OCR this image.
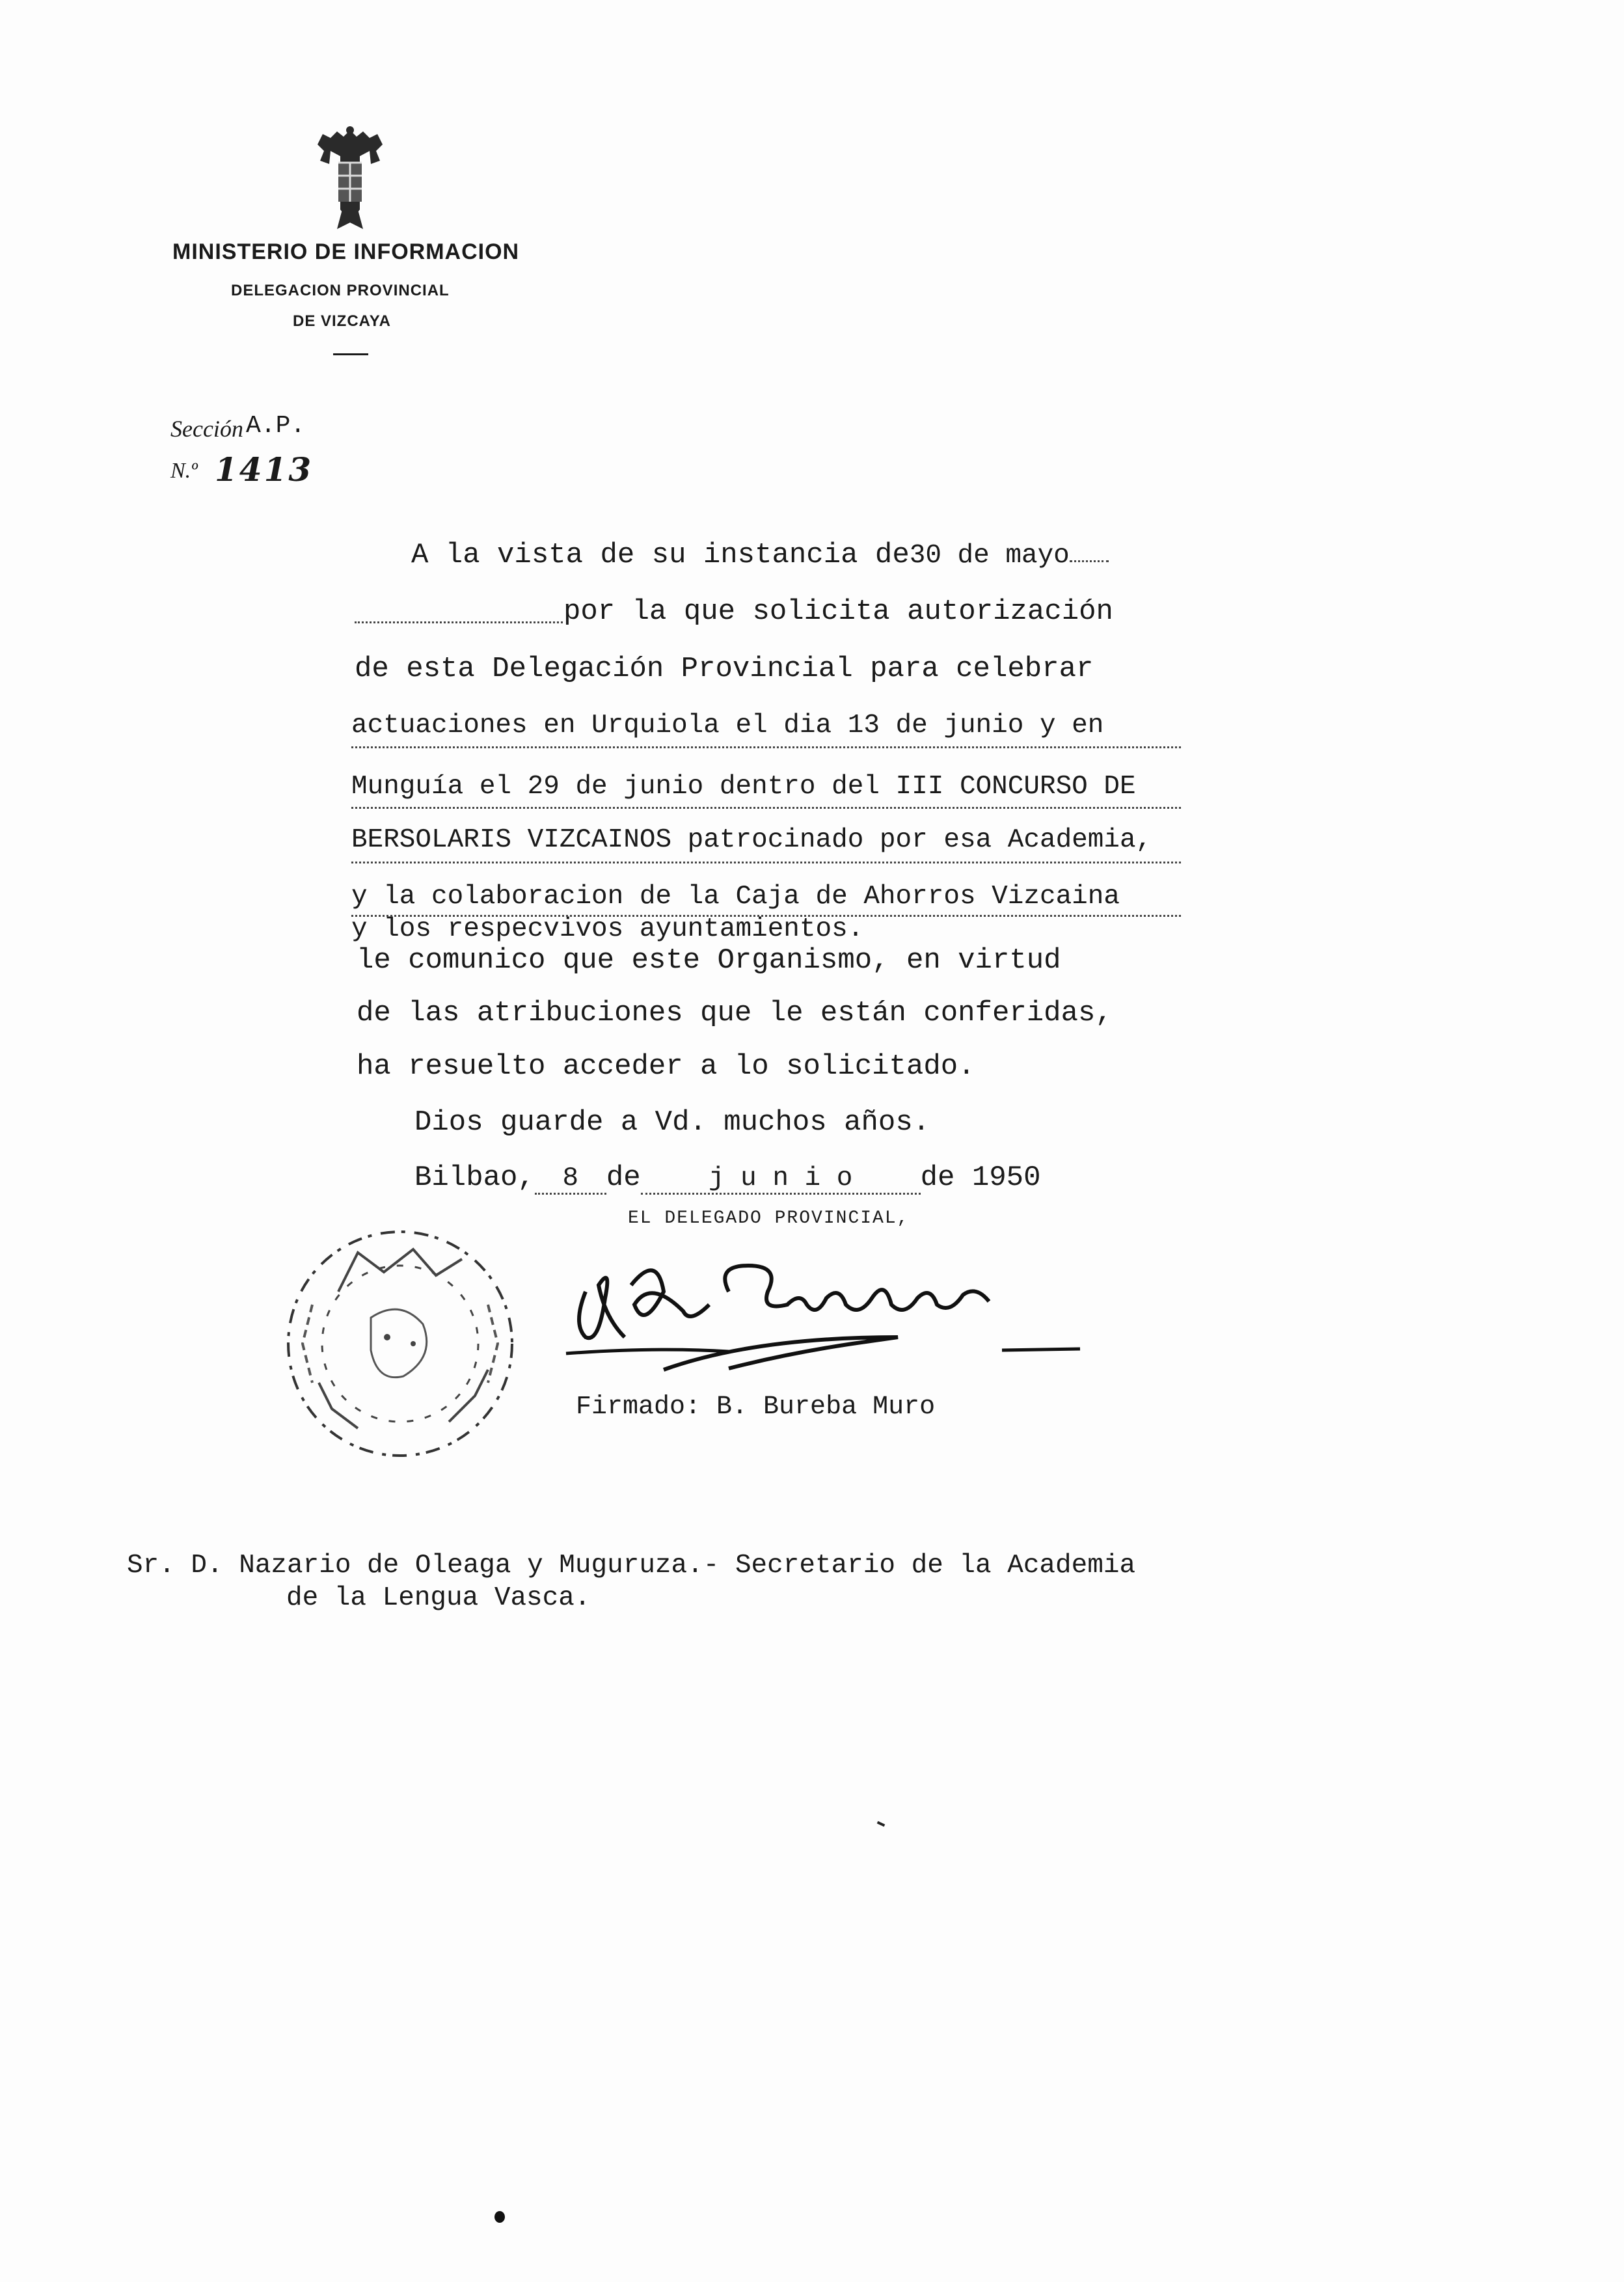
MINISTERIO DE INFORMACION
DELEGACION PROVINCIAL
DE VIZCAYA
Sección A.P.
N.º 1413
A la vista de su instancia de30 de mayo
por la que solicita autorización
de esta Delegación Provincial para celebrar
actuaciones en Urquiola el dia 13 de junio y en
Munguía el 29 de junio dentro del III CONCURSO DE
BERSOLARIS VIZCAINOS patrocinado por esa Academia,
y la colaboracion de la Caja de Ahorros Vizcaina
y los respecvivos ayuntamientos.
le comunico que este Organismo, en virtud
de las atribuciones que le están conferidas,
ha resuelto acceder a lo solicitado.
Dios guarde a Vd. muchos años.
Bilbao, 8 de	j u n i o de 1950
EL DELEGADO PROVINCIAL,
Firmado: B. Bureba Muro
Sr. D. Nazario de Oleaga y Muguruza.- Secretario de la Academia
de la Lengua Vasca.
